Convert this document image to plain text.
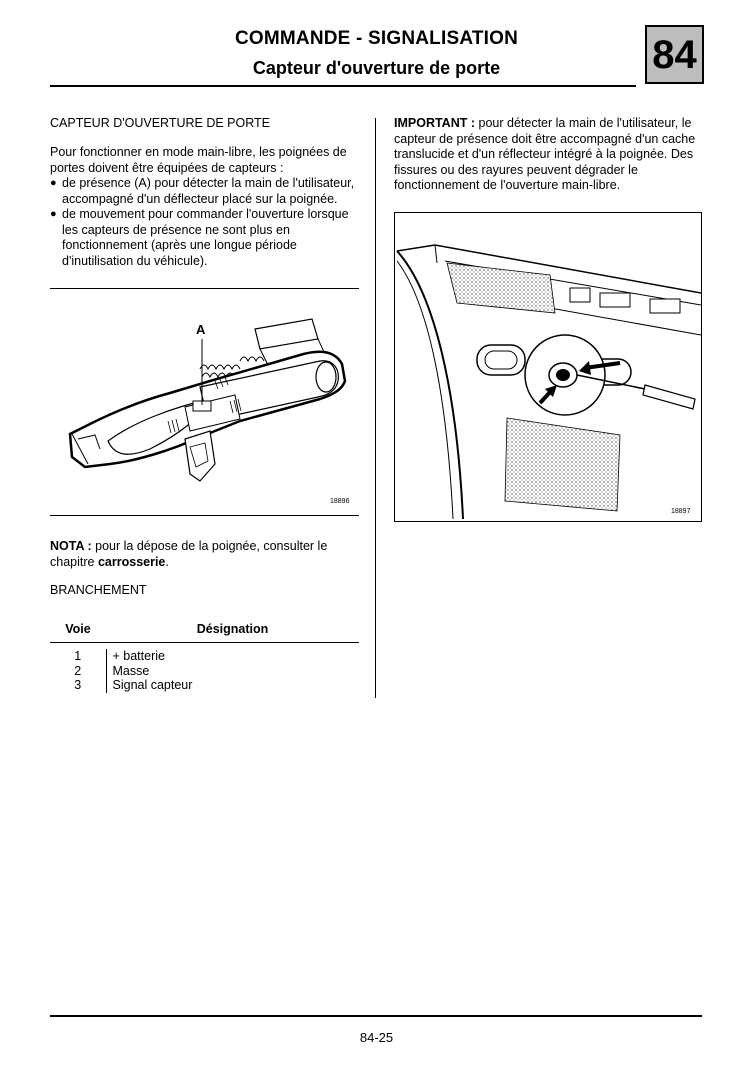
COMMANDE - SIGNALISATION
Capteur d'ouverture de porte	84
CAPTEUR D'OUVERTURE DE PORTE
Pour fonctionner en mode main-libre, les poignées de portes doivent être équipées de capteurs :
● de présence (A) pour détecter la main de l'utilisateur, accompagné d'un déflecteur placé sur la poignée.
● de mouvement pour commander l'ouverture lorsque les capteurs de présence ne sont plus en fonctionnement (après une longue période d'inutilisation du véhicule).
A
18896
NOTA : pour la dépose de la poignée, consulter le chapitre carrosserie.
BRANCHEMENT
Voie	Désignation

1	+ batterie
2	Masse
3	Signal capteur
IMPORTANT : pour détecter la main de l'utilisateur, le capteur de présence doit être accompagné d'un cache translucide et d'un réflecteur intégré à la poignée. Des fissures ou des rayures peuvent dégrader le fonctionnement de l'ouverture main-libre.
18897
84-25
